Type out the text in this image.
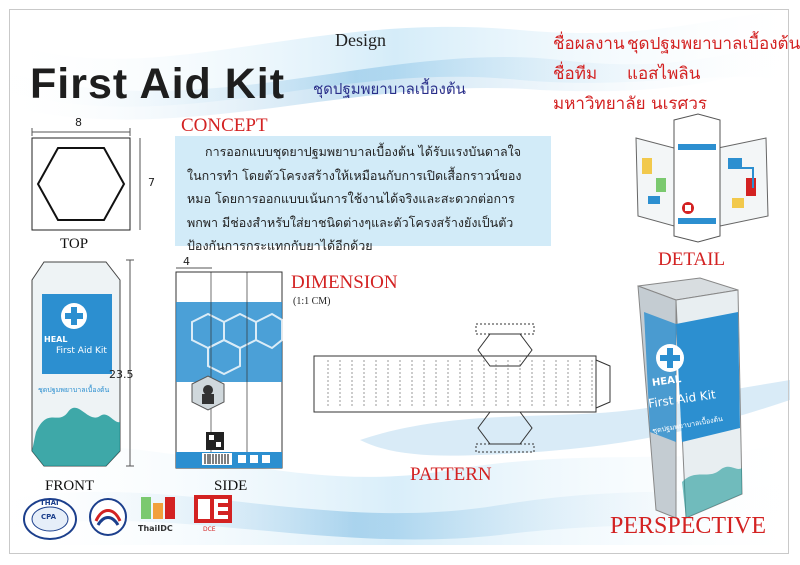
Design
First Aid Kit ชุดปฐมพยาบาลเบื้องต้น
ชื่อผลงาน ชุดปฐมพยาบาลเบื้องต้น
ชื่อทีม แอสไพลิน
มหาวิทยาลัย นเรศวร
CONCEPT
การออกแบบชุดยาปฐมพยาบาลเบื้องต้น ได้รับแรงบันดาลใจ
ในการทำ โดยตัวโครงสร้างให้เหมือนกับการเปิดเสื้อกราวน์ของ
หมอ โดยการออกแบบเน้นการใช้งานได้จริงและสะดวกต่อการ
พกพา มีช่องสำหรับใส่ยาชนิดต่างๆและตัวโครงสร้างยังเป็นตัว
ป้องกันการกระแทกกับยาได้อีกด้วย
8
7
TOP
HEAL
First Aid Kit
ชุดปฐมพยาบาลเบื้องต้น
23.5
FRONT
4
SIDE
DIMENSION
(1:1 CM)
PATTERN
DETAIL
HEAL
First Aid Kit
ชุดปฐมพยาบาลเบื้องต้น
PERSPECTIVE
THAI
CPA
ThaiIDC	DCE
